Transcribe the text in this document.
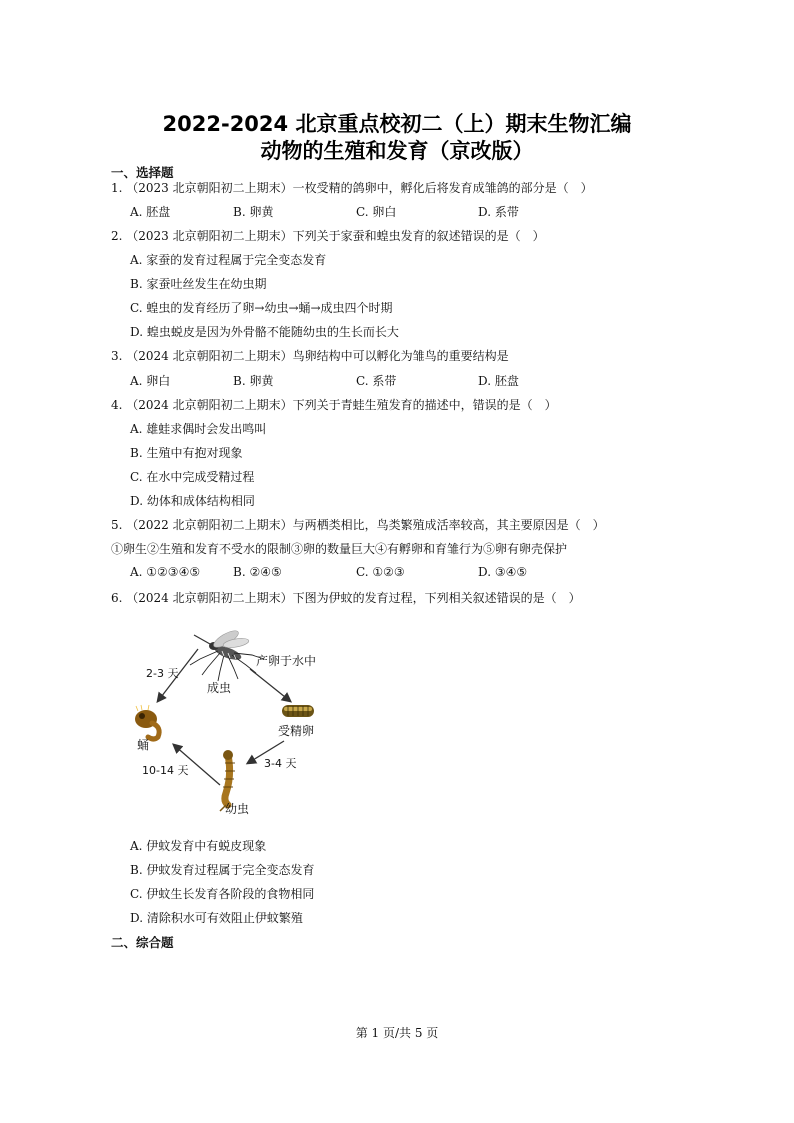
2022-2024 北京重点校初二（上）期末生物汇编
动物的生殖和发育（京改版）
一、选择题
1. （2023 北京朝阳初二上期末）一枚受精的鸽卵中，孵化后将发育成雏鸽的部分是（　）
A. 胚盘	B. 卵黄	C. 卵白	D. 系带
2. （2023 北京朝阳初二上期末）下列关于家蚕和蝗虫发育的叙述错误的是（　）
A. 家蚕的发育过程属于完全变态发育
B. 家蚕吐丝发生在幼虫期
C. 蝗虫的发育经历了卵→幼虫→蛹→成虫四个时期
D. 蝗虫蜕皮是因为外骨骼不能随幼虫的生长而长大
3. （2024 北京朝阳初二上期末）鸟卵结构中可以孵化为雏鸟的重要结构是
A. 卵白	B. 卵黄	C. 系带	D. 胚盘
4. （2024 北京朝阳初二上期末）下列关于青蛙生殖发育的描述中，错误的是（　）
A. 雄蛙求偶时会发出鸣叫
B. 生殖中有抱对现象
C. 在水中完成受精过程
D. 幼体和成体结构相同
5. （2022 北京朝阳初二上期末）与两栖类相比，鸟类繁殖成活率较高，其主要原因是（　）
①卵生②生殖和发育不受水的限制③卵的数量巨大④有孵卵和育雏行为⑤卵有卵壳保护
A. ①②③④⑤	B. ②④⑤	C. ①②③	D. ③④⑤
6. （2024 北京朝阳初二上期末）下图为伊蚊的发育过程，下列相关叙述错误的是（　）
成虫
受精卵
幼虫
蛹
产卵于水中
3-4 天
10-14 天
2-3 天
A. 伊蚊发育中有蜕皮现象
B. 伊蚊发育过程属于完全变态发育
C. 伊蚊生长发育各阶段的食物相同
D. 清除积水可有效阻止伊蚊繁殖
二、综合题
第 1 页/共 5 页
